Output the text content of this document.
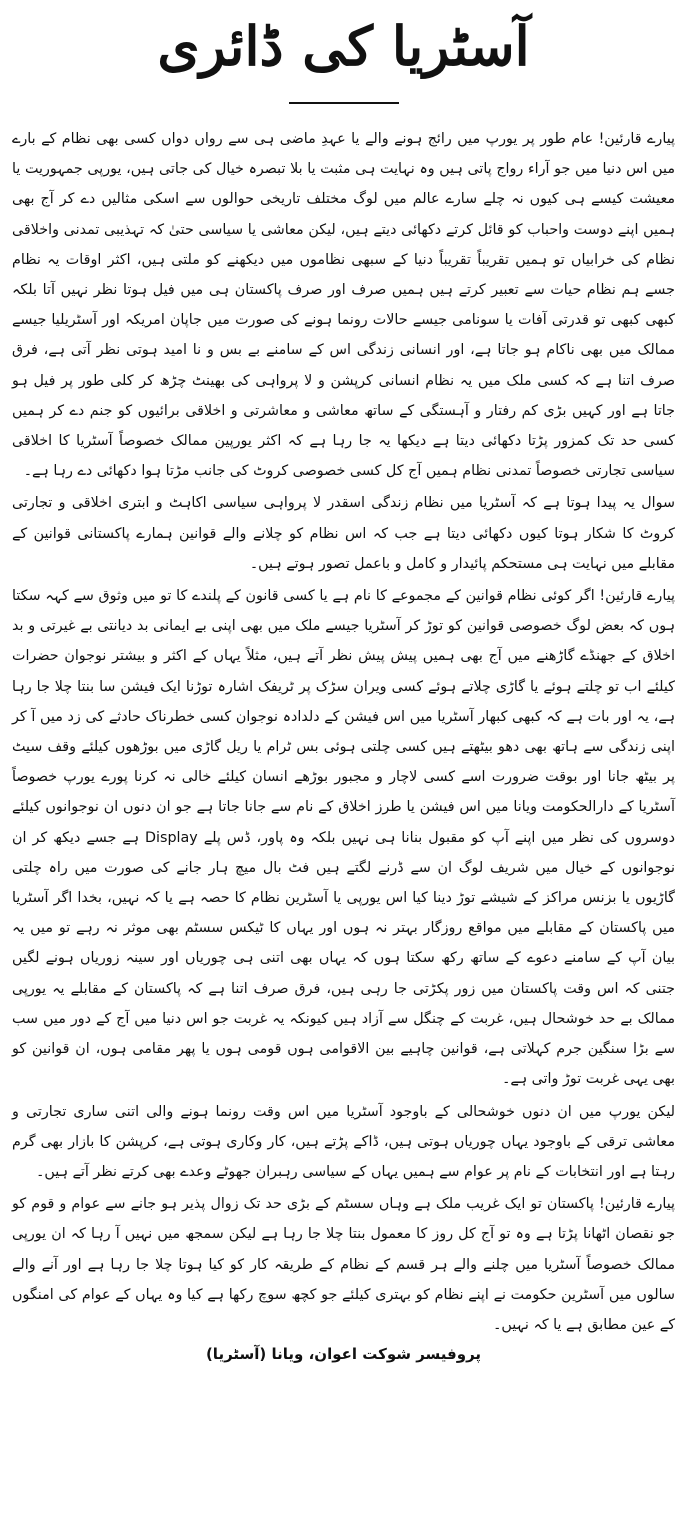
آسٹریا کی ڈائری

پیارے قارئین! عام طور پر یورپ میں رائج ہونے والے یا عہدِ ماضی ہی سے رواں دواں کسی بھی نظام کے بارے میں اس دنیا میں جو آراء رواج پاتی ہیں وہ نہایت ہی مثبت یا بلا تبصرہ خیال کی جاتی ہیں، یورپی جمہوریت یا معیشت کیسے ہی کیوں نہ چلے سارے عالم میں لوگ مختلف تاریخی حوالوں سے اسکی مثالیں دے کر آج بھی ہمیں اپنے دوست واحباب کو قائل کرتے دکھائی دیتے ہیں، لیکن معاشی یا سیاسی حتیٰ کہ تہذیبی تمدنی واخلاقی نظام کی خرابیاں تو ہمیں تقریباً تقریباً دنیا کے سبھی نظاموں میں دیکھنے کو ملتی ہیں، اکثر اوقات یہ نظام جسے ہم نظام حیات سے تعبیر کرتے ہیں ہمیں صرف اور صرف پاکستان ہی میں فیل ہوتا نظر نہیں آتا بلکہ کبھی کبھی تو قدرتی آفات یا سونامی جیسے حالات رونما ہونے کی صورت میں جاپان امریکہ اور آسٹریلیا جیسے ممالک میں بھی ناکام ہو جاتا ہے، اور انسانی زندگی اس کے سامنے بے بس و نا امید ہوتی نظر آتی ہے، فرق صرف اتنا ہے کہ کسی ملک میں یہ نظام انسانی کرپشن و لا پرواہی کی بھینٹ چڑھ کر کلی طور پر فیل ہو جاتا ہے اور کہیں بڑی کم رفتار و آہستگی کے ساتھ معاشی و معاشرتی و اخلاقی برائیوں کو جنم دے کر ہمیں کسی حد تک کمزور پڑتا دکھائی دیتا ہے دیکھا یہ جا رہا ہے کہ اکثر یورپین ممالک خصوصاً آسٹریا کا اخلاقی سیاسی تجارتی خصوصاً تمدنی نظام ہمیں آج کل کسی خصوصی کروٹ کی جانب مڑتا ہوا دکھائی دے رہا ہے۔

سوال یہ پیدا ہوتا ہے کہ آسٹریا میں نظام زندگی اسقدر لا پرواہی سیاسی اکاہٹ و ابتری اخلاقی و تجارتی کروٹ کا شکار ہوتا کیوں دکھائی دیتا ہے جب کہ اس نظام کو چلانے والے قوانین ہمارے پاکستانی قوانین کے مقابلے میں نہایت ہی مستحکم پائیدار و کامل و باعمل تصور ہوتے ہیں۔

پیارے قارئین! اگر کوئی نظام قوانین کے مجموعے کا نام ہے یا کسی قانون کے پلندے کا تو میں وثوق سے کہہ سکتا ہوں کہ بعض لوگ خصوصی قوانین کو توڑ کر آسٹریا جیسے ملک میں بھی اپنی بے ایمانی بد دیانتی بے غیرتی و بد اخلاق کے جھنڈے گاڑھنے میں آج بھی ہمیں پیش پیش نظر آتے ہیں، مثلاً یہاں کے اکثر و بیشتر نوجوان حضرات کیلئے اب تو چلتے ہوئے یا گاڑی چلاتے ہوئے کسی ویران سڑک پر ٹریفک اشارہ توڑنا ایک فیشن سا بنتا چلا جا رہا ہے، یہ اور بات ہے کہ کبھی کبھار آسٹریا میں اس فیشن کے دلدادہ نوجوان کسی خطرناک حادثے کی زد میں آ کر اپنی زندگی سے ہاتھ بھی دھو بیٹھتے ہیں کسی چلتی ہوئی بس ٹرام یا ریل گاڑی میں بوڑھوں کیلئے وقف سیٹ پر بیٹھ جانا اور بوقت ضرورت اسے کسی لاچار و مجبور بوڑھے انسان کیلئے خالی نہ کرنا پورے یورپ خصوصاً آسٹریا کے دارالحکومت ویانا میں اس فیشن یا طرز اخلاق کے نام سے جانا جاتا ہے جو ان دنوں ان نوجوانوں کیلئے دوسروں کی نظر میں اپنے آپ کو مقبول بنانا ہی نہیں بلکہ وہ پاور، ڈس پلے Display ہے جسے دیکھ کر ان نوجوانوں کے خیال میں شریف لوگ ان سے ڈرنے لگتے ہیں فٹ بال میچ ہار جانے کی صورت میں راہ چلتی گاڑیوں یا بزنس مراکز کے شیشے توڑ دینا کیا اس یورپی یا آسٹرین نظام کا حصہ ہے یا کہ نہیں، بخدا اگر آسٹریا میں پاکستان کے مقابلے میں مواقع روزگار بہتر نہ ہوں اور یہاں کا ٹیکس سسٹم بھی موثر نہ رہے تو میں یہ بیان آپ کے سامنے دعوے کے ساتھ رکھ سکتا ہوں کہ یہاں بھی اتنی ہی چوریاں اور سینہ زوریاں ہونے لگیں جتنی کہ اس وقت پاکستان میں زور پکڑتی جا رہی ہیں، فرق صرف اتنا ہے کہ پاکستان کے مقابلے یہ یورپی ممالک بے حد خوشحال ہیں، غربت کے چنگل سے آزاد ہیں کیونکہ یہ غربت جو اس دنیا میں آج کے دور میں سب سے بڑا سنگین جرم کہلاتی ہے، قوانین چاہیے بین الاقوامی ہوں قومی ہوں یا پھر مقامی ہوں، ان قوانین کو بھی یہی غربت توڑ واتی ہے۔

لیکن یورپ میں ان دنوں خوشحالی کے باوجود آسٹریا میں اس وقت رونما ہونے والی اتنی ساری تجارتی و معاشی ترقی کے باوجود یہاں چوریاں ہوتی ہیں، ڈاکے پڑتے ہیں، کار وکاری ہوتی ہے، کرپشن کا بازار بھی گرم رہتا ہے اور انتخابات کے نام پر عوام سے ہمیں یہاں کے سیاسی رہبران جھوٹے وعدے بھی کرتے نظر آتے ہیں۔

پیارے قارئین! پاکستان تو ایک غریب ملک ہے وہاں سسٹم کے بڑی حد تک زوال پذیر ہو جانے سے عوام و قوم کو جو نقصان اٹھانا پڑتا ہے وہ تو آج کل روز کا معمول بنتا چلا جا رہا ہے لیکن سمجھ میں نہیں آ رہا کہ ان یورپی ممالک خصوصاً آسٹریا میں چلنے والے ہر قسم کے نظام کے طریقہ کار کو کیا ہوتا چلا جا رہا ہے اور آنے والے سالوں میں آسٹرین حکومت نے اپنے نظام کو بہتری کیلئے جو کچھ سوچ رکھا ہے کیا وہ یہاں کے عوام کی امنگوں کے عین مطابق ہے یا کہ نہیں۔

پروفیسر شوکت اعوان، ویانا (آسٹریا)
